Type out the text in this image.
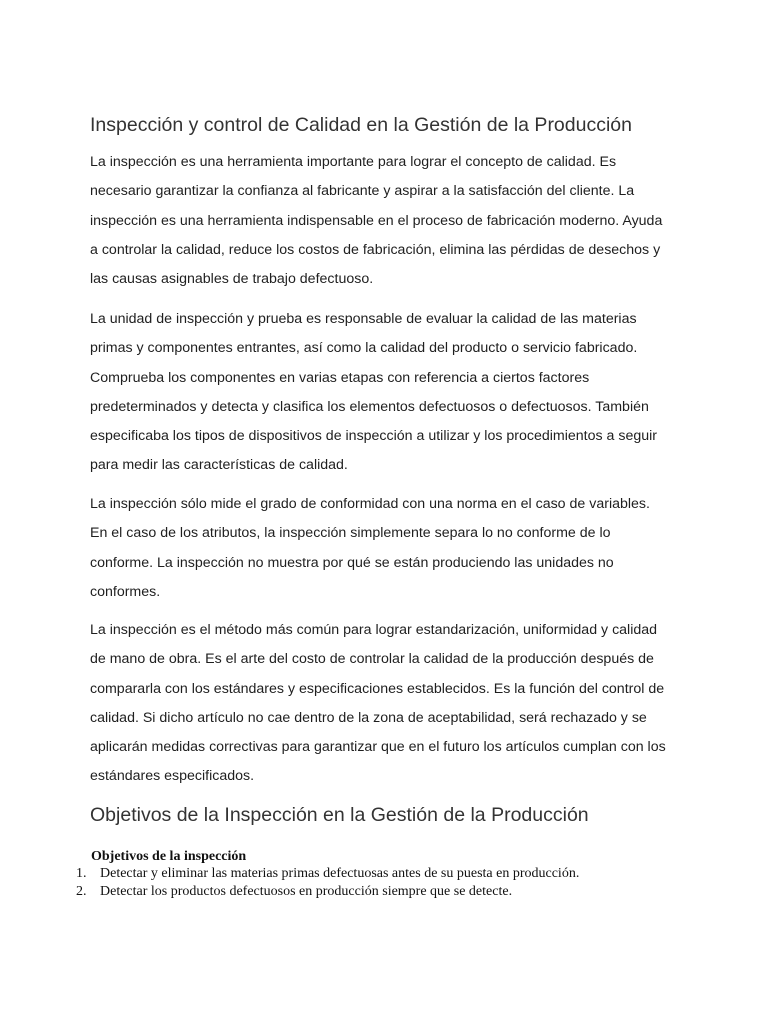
Inspección y control de Calidad en la Gestión de la Producción

La inspección es una herramienta importante para lograr el concepto de calidad. Es
necesario garantizar la confianza al fabricante y aspirar a la satisfacción del cliente. La
inspección es una herramienta indispensable en el proceso de fabricación moderno. Ayuda
a controlar la calidad, reduce los costos de fabricación, elimina las pérdidas de desechos y
las causas asignables de trabajo defectuoso.

La unidad de inspección y prueba es responsable de evaluar la calidad de las materias
primas y componentes entrantes, así como la calidad del producto o servicio fabricado.
Comprueba los componentes en varias etapas con referencia a ciertos factores
predeterminados y detecta y clasifica los elementos defectuosos o defectuosos. También
especificaba los tipos de dispositivos de inspección a utilizar y los procedimientos a seguir
para medir las características de calidad.

La inspección sólo mide el grado de conformidad con una norma en el caso de variables.
En el caso de los atributos, la inspección simplemente separa lo no conforme de lo
conforme. La inspección no muestra por qué se están produciendo las unidades no
conformes.

La inspección es el método más común para lograr estandarización, uniformidad y calidad
de mano de obra. Es el arte del costo de controlar la calidad de la producción después de
compararla con los estándares y especificaciones establecidos. Es la función del control de
calidad. Si dicho artículo no cae dentro de la zona de aceptabilidad, será rechazado y se
aplicarán medidas correctivas para garantizar que en el futuro los artículos cumplan con los
estándares especificados.

Objetivos de la Inspección en la Gestión de la Producción

Objetivos de la inspección

1. Detectar y eliminar las materias primas defectuosas antes de su puesta en producción.
2. Detectar los productos defectuosos en producción siempre que se detecte.
